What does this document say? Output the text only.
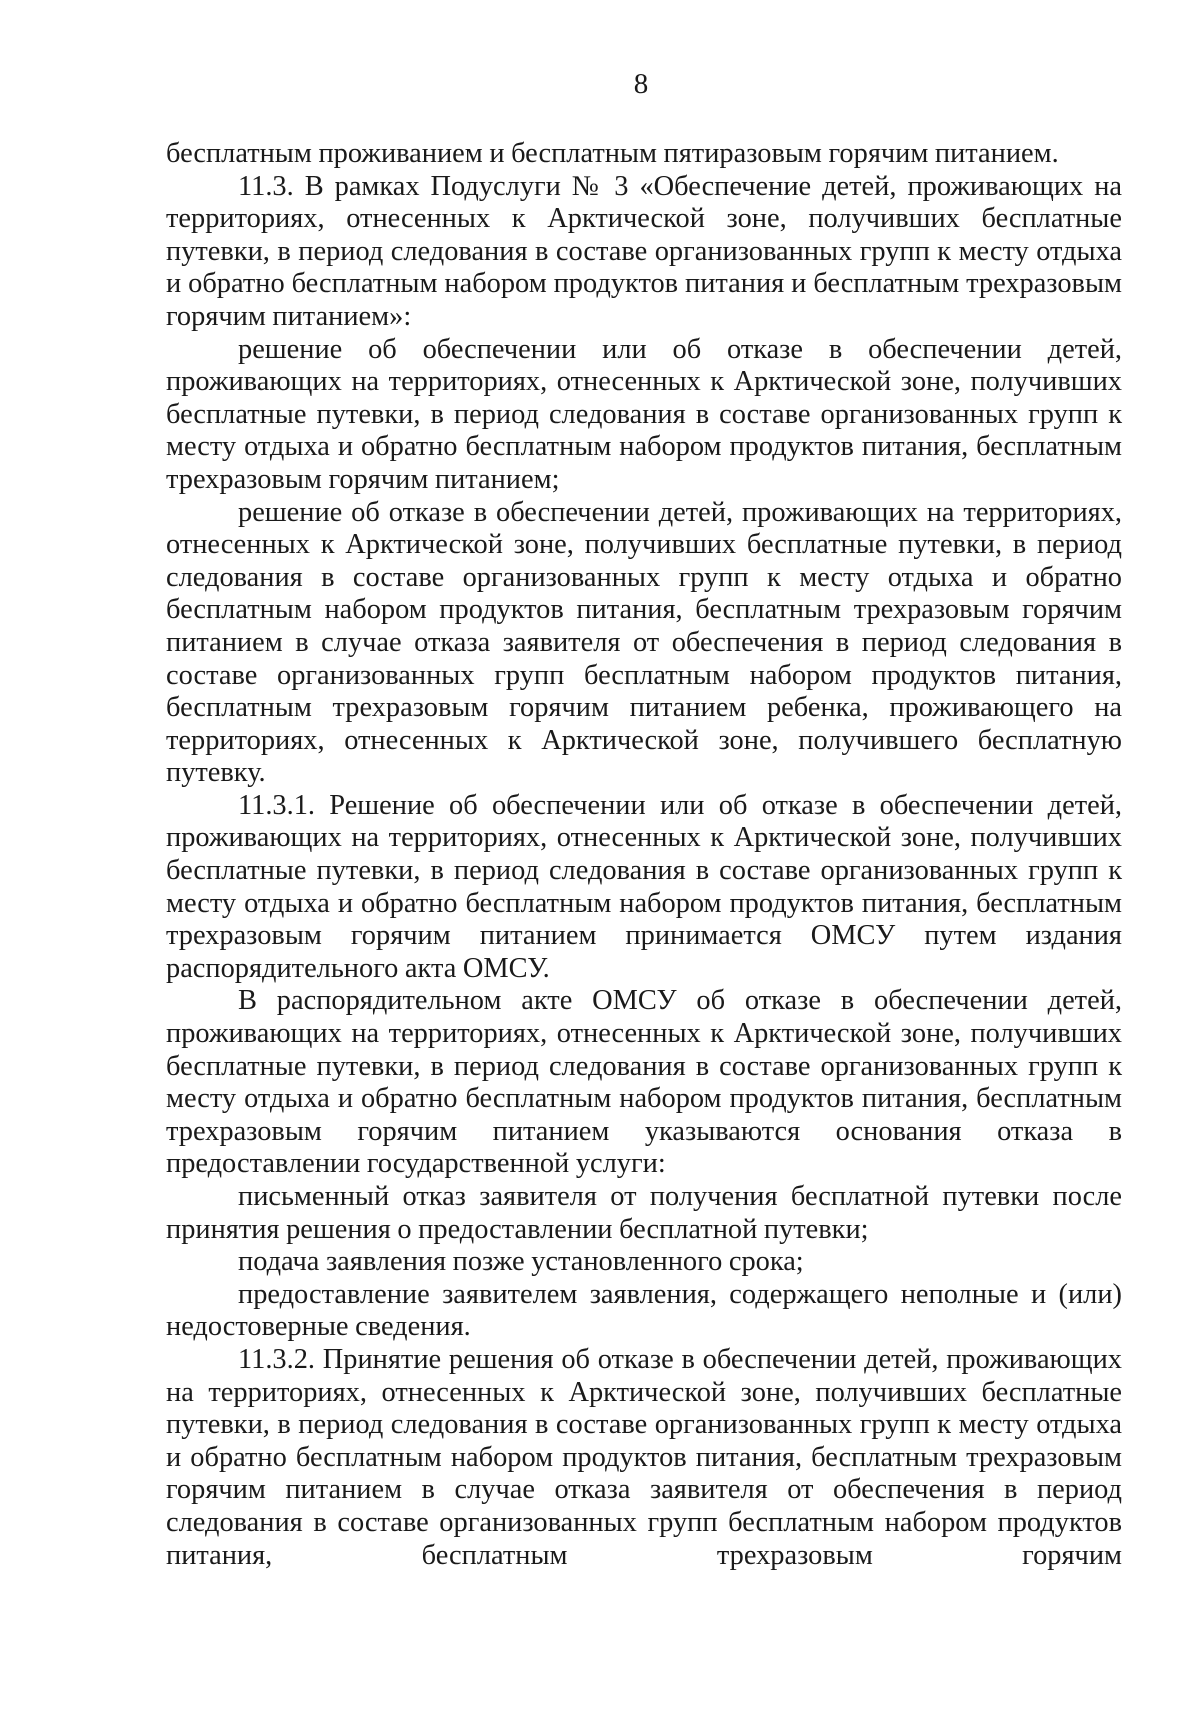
8

бесплатным проживанием и бесплатным пятиразовым горячим питанием.

11.3. В рамках Подуслуги № 3 «Обеспечение детей, проживающих на территориях, отнесенных к Арктической зоне, получивших бесплатные путевки, в период следования в составе организованных групп к месту отдыха и обратно бесплатным набором продуктов питания и бесплатным трехразовым горячим питанием»:

решение об обеспечении или об отказе в обеспечении детей, проживающих на территориях, отнесенных к Арктической зоне, получивших бесплатные путевки, в период следования в составе организованных групп к месту отдыха и обратно бесплатным набором продуктов питания, бесплатным трехразовым горячим питанием;

решение об отказе в обеспечении детей, проживающих на территориях, отнесенных к Арктической зоне, получивших бесплатные путевки, в период следования в составе организованных групп к месту отдыха и обратно бесплатным набором продуктов питания, бесплатным трехразовым горячим питанием в случае отказа заявителя от обеспечения в период следования в составе организованных групп бесплатным набором продуктов питания, бесплатным трехразовым горячим питанием ребенка, проживающего на территориях, отнесенных к Арктической зоне, получившего бесплатную путевку.

11.3.1. Решение об обеспечении или об отказе в обеспечении детей, проживающих на территориях, отнесенных к Арктической зоне, получивших бесплатные путевки, в период следования в составе организованных групп к месту отдыха и обратно бесплатным набором продуктов питания, бесплатным трехразовым горячим питанием принимается ОМСУ путем издания распорядительного акта ОМСУ.

В распорядительном акте ОМСУ об отказе в обеспечении детей, проживающих на территориях, отнесенных к Арктической зоне, получивших бесплатные путевки, в период следования в составе организованных групп к месту отдыха и обратно бесплатным набором продуктов питания, бесплатным трехразовым горячим питанием указываются основания отказа в предоставлении государственной услуги:

письменный отказ заявителя от получения бесплатной путевки после принятия решения о предоставлении бесплатной путевки;

подача заявления позже установленного срока;

предоставление заявителем заявления, содержащего неполные и (или) недостоверные сведения.

11.3.2. Принятие решения об отказе в обеспечении детей, проживающих на территориях, отнесенных к Арктической зоне, получивших бесплатные путевки, в период следования в составе организованных групп к месту отдыха и обратно бесплатным набором продуктов питания, бесплатным трехразовым горячим питанием в случае отказа заявителя от обеспечения в период следования в составе организованных групп бесплатным набором продуктов питания, бесплатным трехразовым горячим
